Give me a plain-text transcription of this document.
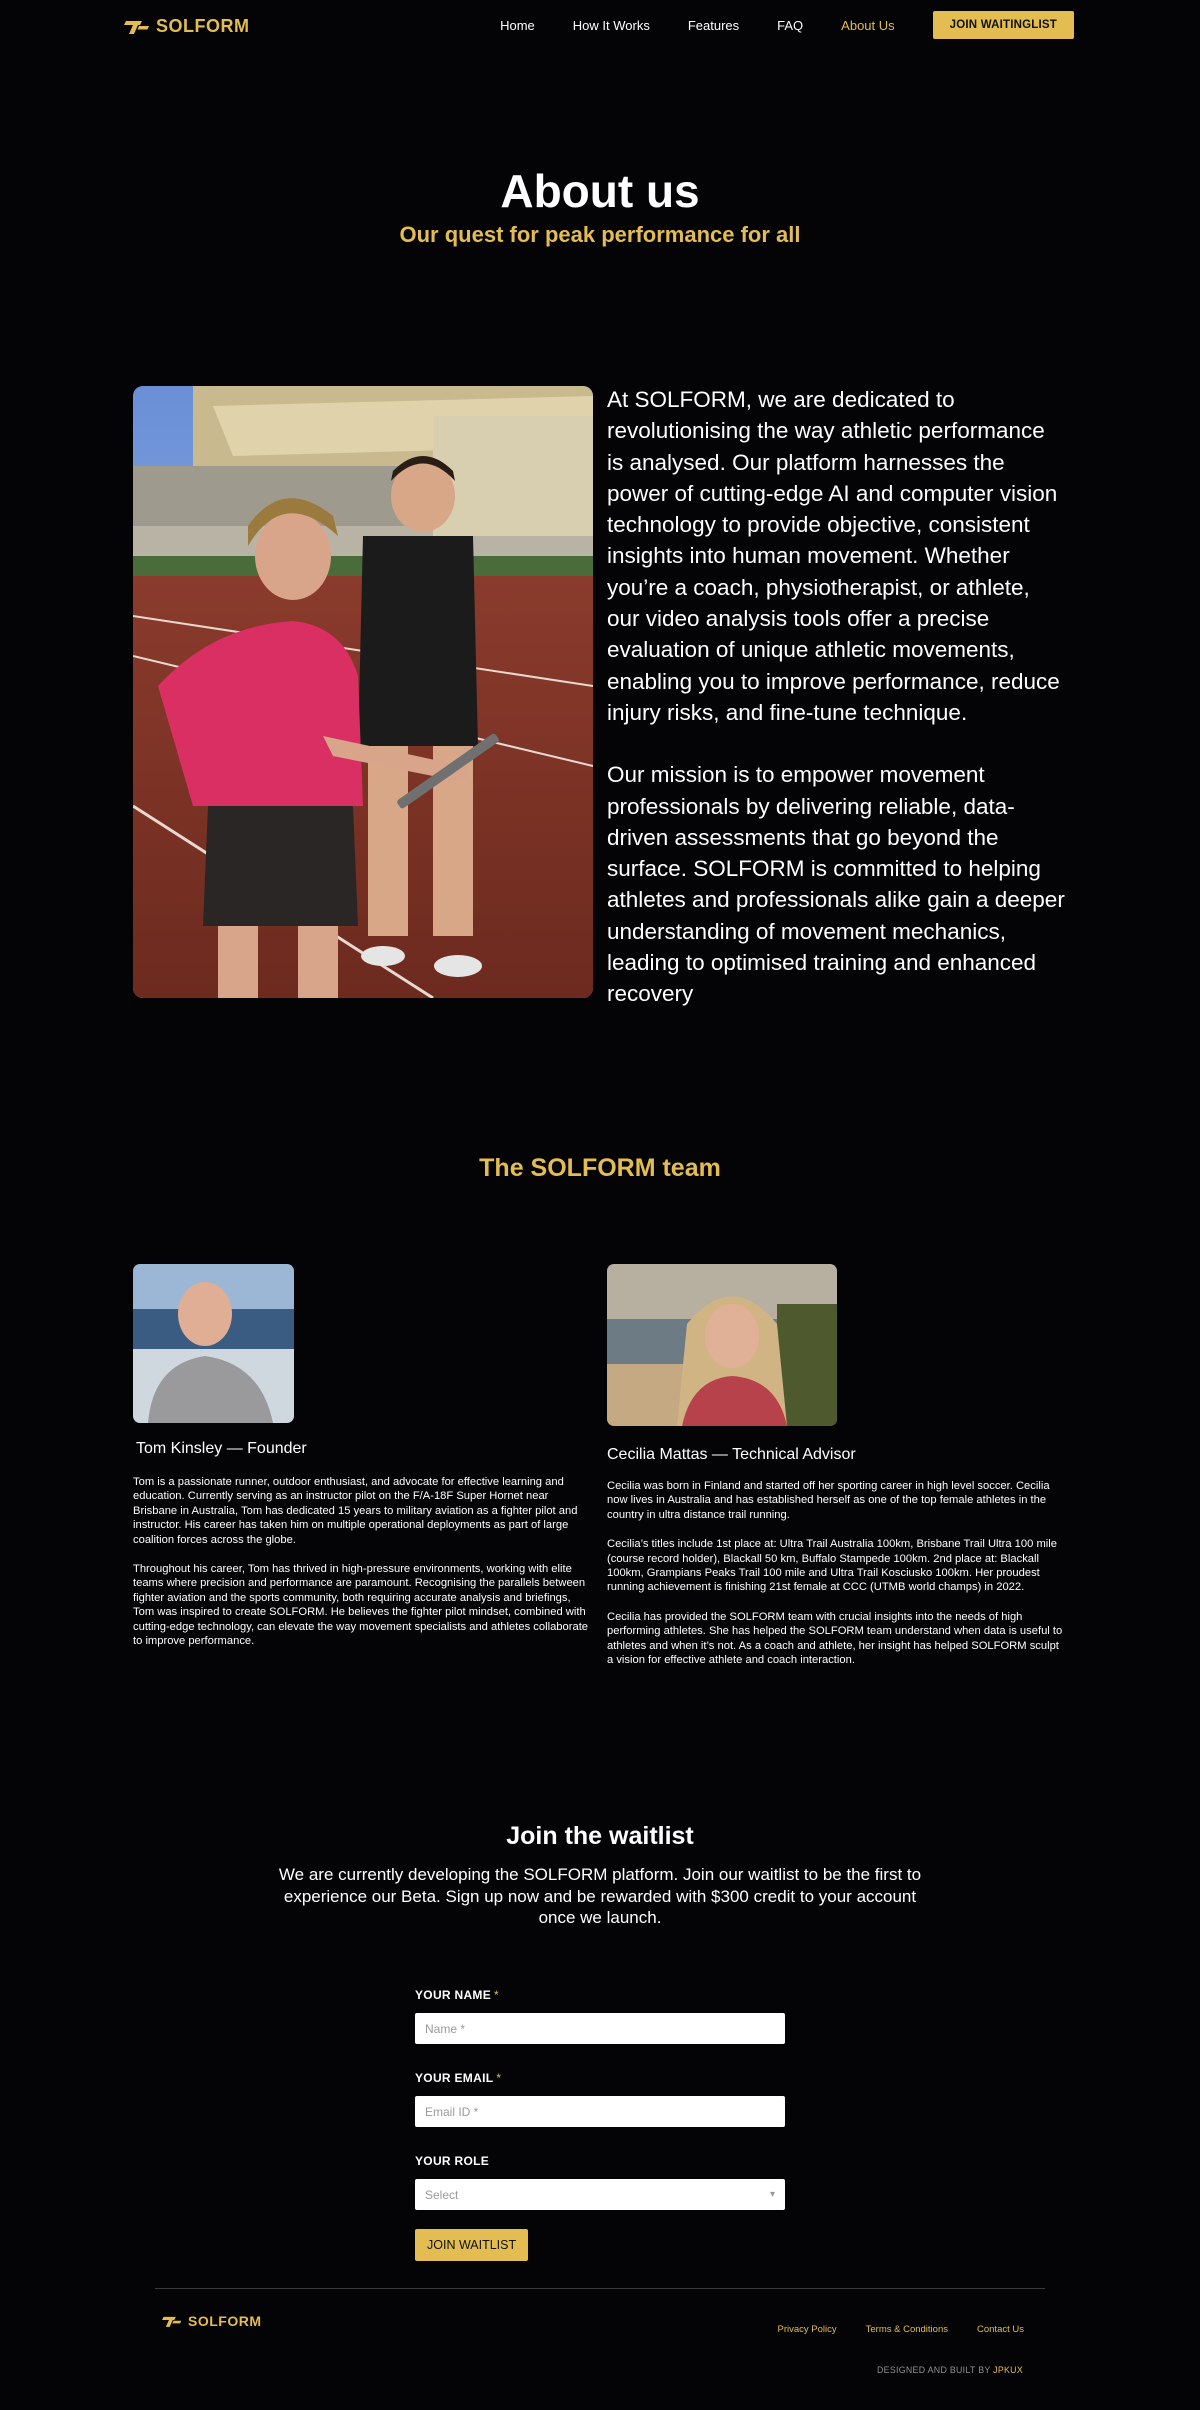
SOLFORM	Home	How It Works	Features	FAQ	About Us	JOIN WAITINGLIST
About us
Our quest for peak performance for all

At SOLFORM, we are dedicated to revolutionising the way athletic performance is analysed. Our platform harnesses the power of cutting-edge AI and computer vision technology to provide objective, consistent insights into human movement. Whether you’re a coach, physiotherapist, or athlete, our video analysis tools offer a precise evaluation of unique athletic movements, enabling you to improve performance, reduce injury risks, and fine-tune technique.

Our mission is to empower movement professionals by delivering reliable, data-driven assessments that go beyond the surface. SOLFORM is committed to helping athletes and professionals alike gain a deeper understanding of movement mechanics, leading to optimised training and enhanced recovery

The SOLFORM team
Tom Kinsley — Founder

Tom is a passionate runner, outdoor enthusiast, and advocate for effective learning and education. Currently serving as an instructor pilot on the F/A-18F Super Hornet near Brisbane in Australia, Tom has dedicated 15 years to military aviation as a fighter pilot and instructor. His career has taken him on multiple operational deployments as part of large coalition forces across the globe.

Throughout his career, Tom has thrived in high-pressure environments, working with elite teams where precision and performance are paramount. Recognising the parallels between fighter aviation and the sports community, both requiring accurate analysis and briefings, Tom was inspired to create SOLFORM. He believes the fighter pilot mindset, combined with cutting-edge technology, can elevate the way movement specialists and athletes collaborate to improve performance.

Cecilia Mattas — Technical Advisor

Cecilia was born in Finland and started off her sporting career in high level soccer. Cecilia now lives in Australia and has established herself as one of the top female athletes in the country in ultra distance trail running.

Cecilia’s titles include 1st place at: Ultra Trail Australia 100km, Brisbane Trail Ultra 100 mile (course record holder), Blackall 50 km, Buffalo Stampede 100km. 2nd place at: Blackall 100km, Grampians Peaks Trail 100 mile and Ultra Trail Kosciusko 100km. Her proudest running achievement is finishing 21st female at CCC (UTMB world champs) in 2022.

Cecilia has provided the SOLFORM team with crucial insights into the needs of high performing athletes. She has helped the SOLFORM team understand when data is useful to athletes and when it’s not. As a coach and athlete, her insight has helped SOLFORM sculpt a vision for effective athlete and coach interaction.

Join the waitlist

We are currently developing the SOLFORM platform. Join our waitlist to be the first to experience our Beta. Sign up now and be rewarded with $300 credit to your account once we launch.

YOUR NAME *
Name *
YOUR EMAIL *
Email ID *
YOUR ROLE
Select	▾
JOIN WAITLIST
SOLFORM
Privacy Policy	Terms & Conditions	Contact Us
DESIGNED AND BUILT BY JPKUX
